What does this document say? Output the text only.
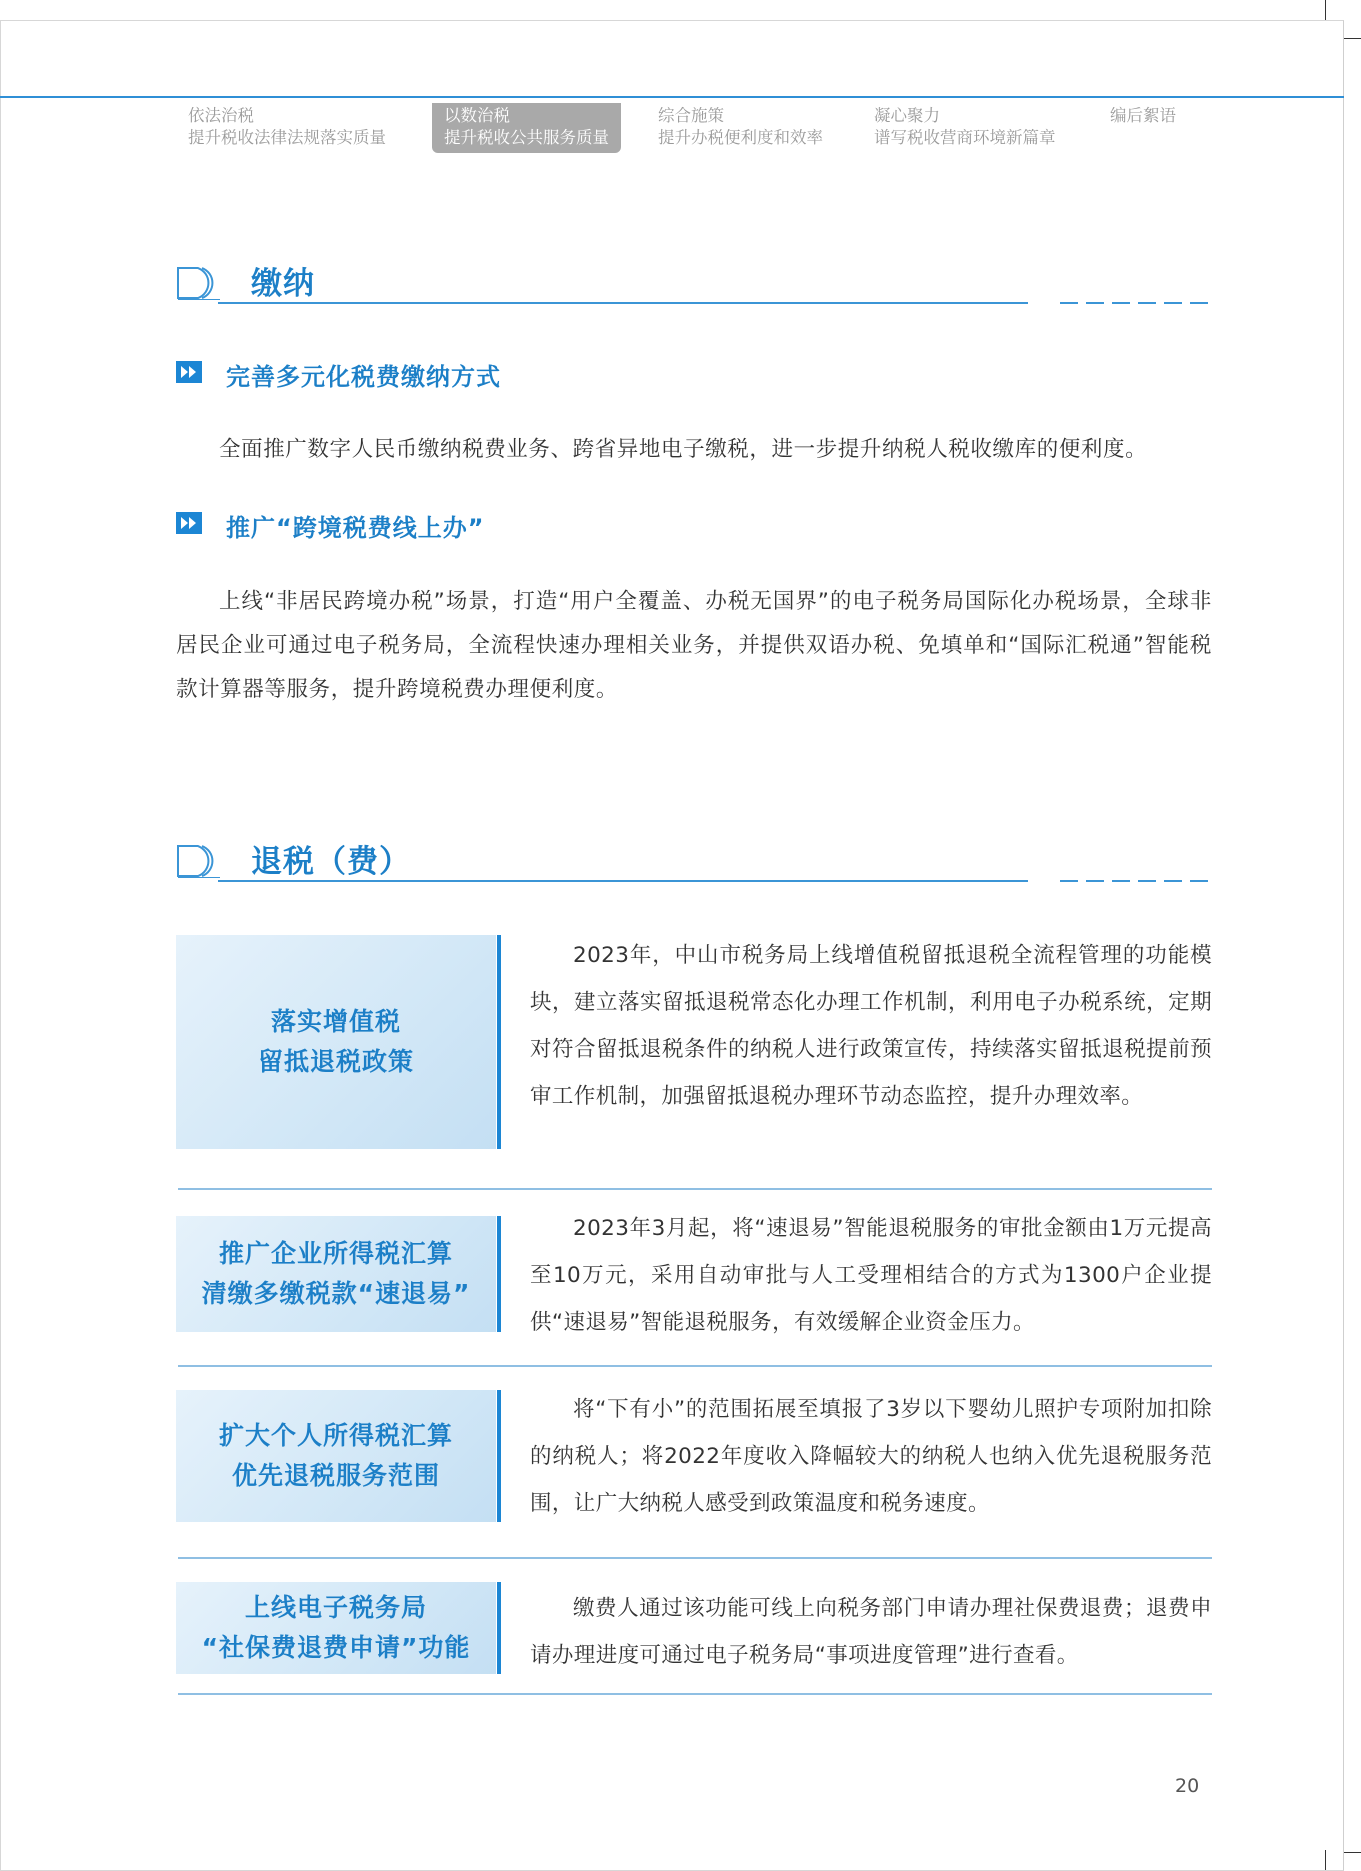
依法治税
提升税收法律法规落实质量
以数治税
提升税收公共服务质量
综合施策
提升办税便利度和效率
凝心聚力
谱写税收营商环境新篇章
编后絮语
缴纳
完善多元化税费缴纳方式
全面推广数字人民币缴纳税费业务、跨省异地电子缴税，进一步提升纳税人税收缴库的便利度。
推广“跨境税费线上办”
上线“非居民跨境办税”场景，打造“用户全覆盖、办税无国界”的电子税务局国际化办税场景，全球非居民企业可通过电子税务局，全流程快速办理相关业务，并提供双语办税、免填单和“国际汇税通”智能税款计算器等服务，提升跨境税费办理便利度。
退税（费）
落实增值税
留抵退税政策
2023年，中山市税务局上线增值税留抵退税全流程管理的功能模块，建立落实留抵退税常态化办理工作机制，利用电子办税系统，定期对符合留抵退税条件的纳税人进行政策宣传，持续落实留抵退税提前预审工作机制，加强留抵退税办理环节动态监控，提升办理效率。
推广企业所得税汇算
清缴多缴税款“速退易”
2023年3月起，将“速退易”智能退税服务的审批金额由1万元提高至10万元，采用自动审批与人工受理相结合的方式为1300户企业提供“速退易”智能退税服务，有效缓解企业资金压力。
扩大个人所得税汇算
优先退税服务范围
将“下有小”的范围拓展至填报了3岁以下婴幼儿照护专项附加扣除的纳税人；将2022年度收入降幅较大的纳税人也纳入优先退税服务范围，让广大纳税人感受到政策温度和税务速度。
上线电子税务局
“社保费退费申请”功能
缴费人通过该功能可线上向税务部门申请办理社保费退费；退费申请办理进度可通过电子税务局“事项进度管理”进行查看。
20
